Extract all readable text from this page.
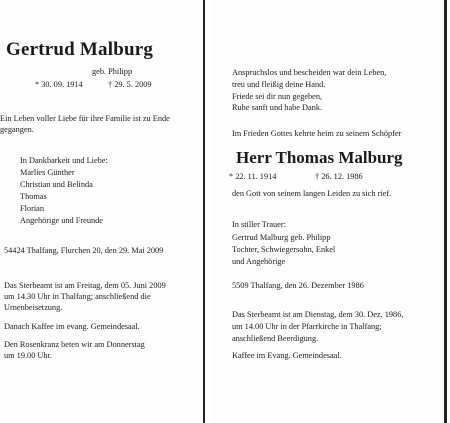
Gertrud Malburg
geb. Philipp
* 30. 09. 1914	† 29. 5. 2009
Ein Leben voller Liebe für ihre Familie ist zu Ende
gegangen.
In Dankbarkeit und Liebe:
Marlies Günther
Christian und Belinda
Thomas
Florian
Angehörige und Freunde
54424 Thalfang, Flurchen 20, den 29. Mai 2009
Das Sterbeamt ist am Freitag, dem 05. Juni 2009
um 14.30 Uhr in Thalfang; anschließend die
Urnenbeisetzung.
Danach Kaffee im evang. Gemeindesaal.
Den Rosenkranz beten wir am Donnerstag
um 19.00 Uhr.
Anspruchslos und bescheiden war dein Leben,
treu und fleißig deine Hand.
Friede sei dir nun gegeben,
Ruhe sanft und habe Dank.
Im Frieden Gottes kehrte heim zu seinem Schöpfer
Herr Thomas Malburg
* 22. 11. 1914	† 26. 12. 1986
den Gott von seinem langen Leiden zu sich rief.
In stiller Trauer:
Gertrud Malburg geb. Philipp
Tochter, Schwiegersohn, Enkel
und Angehörige
5509 Thalfang, den 26. Dezember 1986
Das Sterbeamt ist am Dienstag, dem 30. Dez. 1986,
um 14.00 Uhr in der Pfarrkirche in Thalfang;
anschließend Beerdigung.
Kaffee im Evang. Gemeindesaal.
